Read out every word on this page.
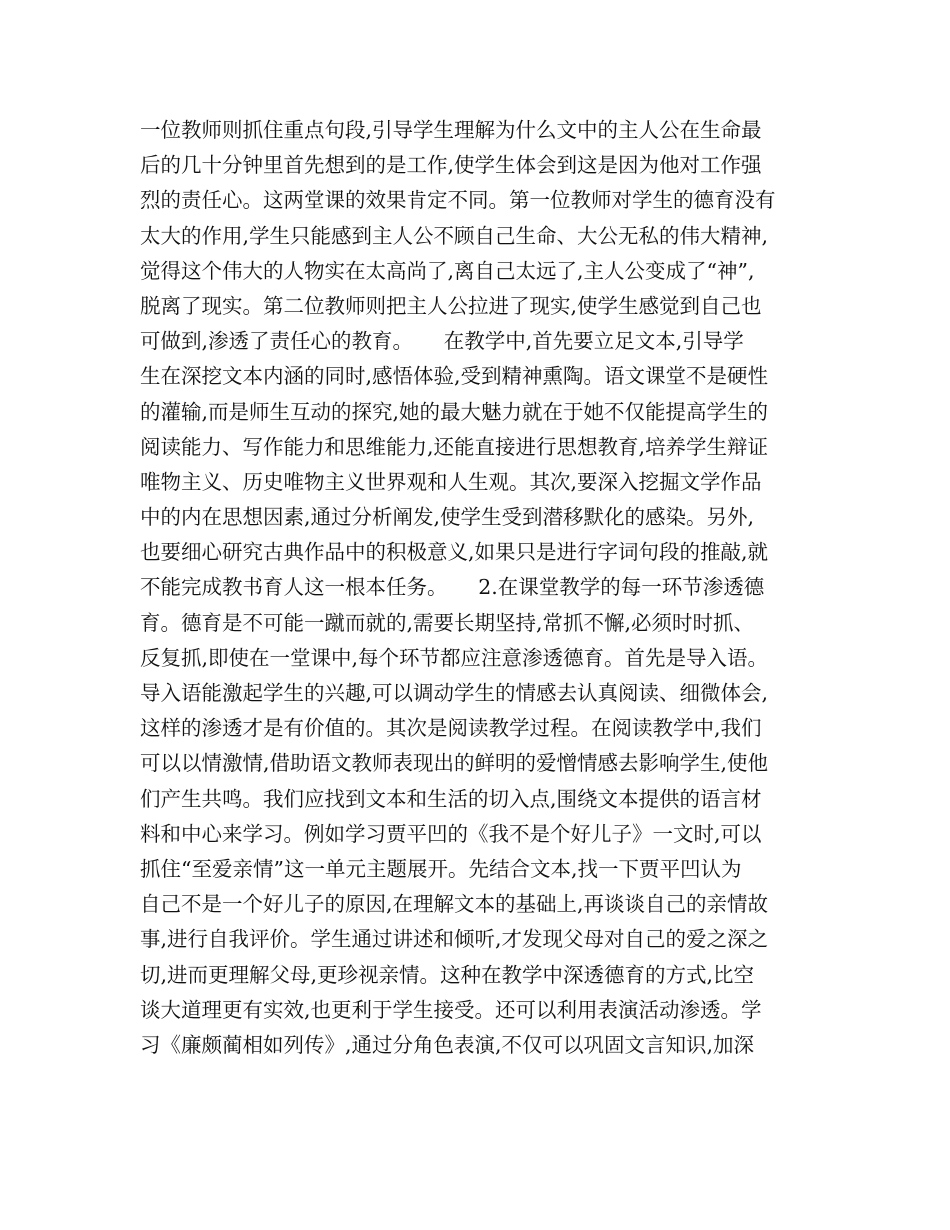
一位教师则抓住重点句段,引导学生理解为什么文中的主人公在生命最
后的几十分钟里首先想到的是工作,使学生体会到这是因为他对工作强
烈的责任心。这两堂课的效果肯定不同。第一位教师对学生的德育没有
太大的作用,学生只能感到主人公不顾自己生命、大公无私的伟大精神,
觉得这个伟大的人物实在太高尚了,离自己太远了,主人公变成了“神”,
脱离了现实。第二位教师则把主人公拉进了现实,使学生感觉到自己也
可做到,渗透了责任心的教育。　　在教学中,首先要立足文本,引导学
生在深挖文本内涵的同时,感悟体验,受到精神熏陶。语文课堂不是硬性
的灌输,而是师生互动的探究,她的最大魅力就在于她不仅能提高学生的
阅读能力、写作能力和思维能力,还能直接进行思想教育,培养学生辩证
唯物主义、历史唯物主义世界观和人生观。其次,要深入挖掘文学作品
中的内在思想因素,通过分析阐发,使学生受到潜移默化的感染。另外,
也要细心研究古典作品中的积极意义,如果只是进行字词句段的推敲,就
不能完成教书育人这一根本任务。　　2.在课堂教学的每一环节渗透德
育。德育是不可能一蹴而就的,需要长期坚持,常抓不懈,必须时时抓、
反复抓,即使在一堂课中,每个环节都应注意渗透德育。首先是导入语。
导入语能激起学生的兴趣,可以调动学生的情感去认真阅读、细微体会,
这样的渗透才是有价值的。其次是阅读教学过程。在阅读教学中,我们
可以以情激情,借助语文教师表现出的鲜明的爱憎情感去影响学生,使他
们产生共鸣。我们应找到文本和生活的切入点,围绕文本提供的语言材
料和中心来学习。例如学习贾平凹的《我不是个好儿子》一文时,可以
抓住“至爱亲情”这一单元主题展开。先结合文本,找一下贾平凹认为
自己不是一个好儿子的原因,在理解文本的基础上,再谈谈自己的亲情故
事,进行自我评价。学生通过讲述和倾听,才发现父母对自己的爱之深之
切,进而更理解父母,更珍视亲情。这种在教学中深透德育的方式,比空
谈大道理更有实效,也更利于学生接受。还可以利用表演活动渗透。学
习《廉颇蔺相如列传》,通过分角色表演,不仅可以巩固文言知识,加深
